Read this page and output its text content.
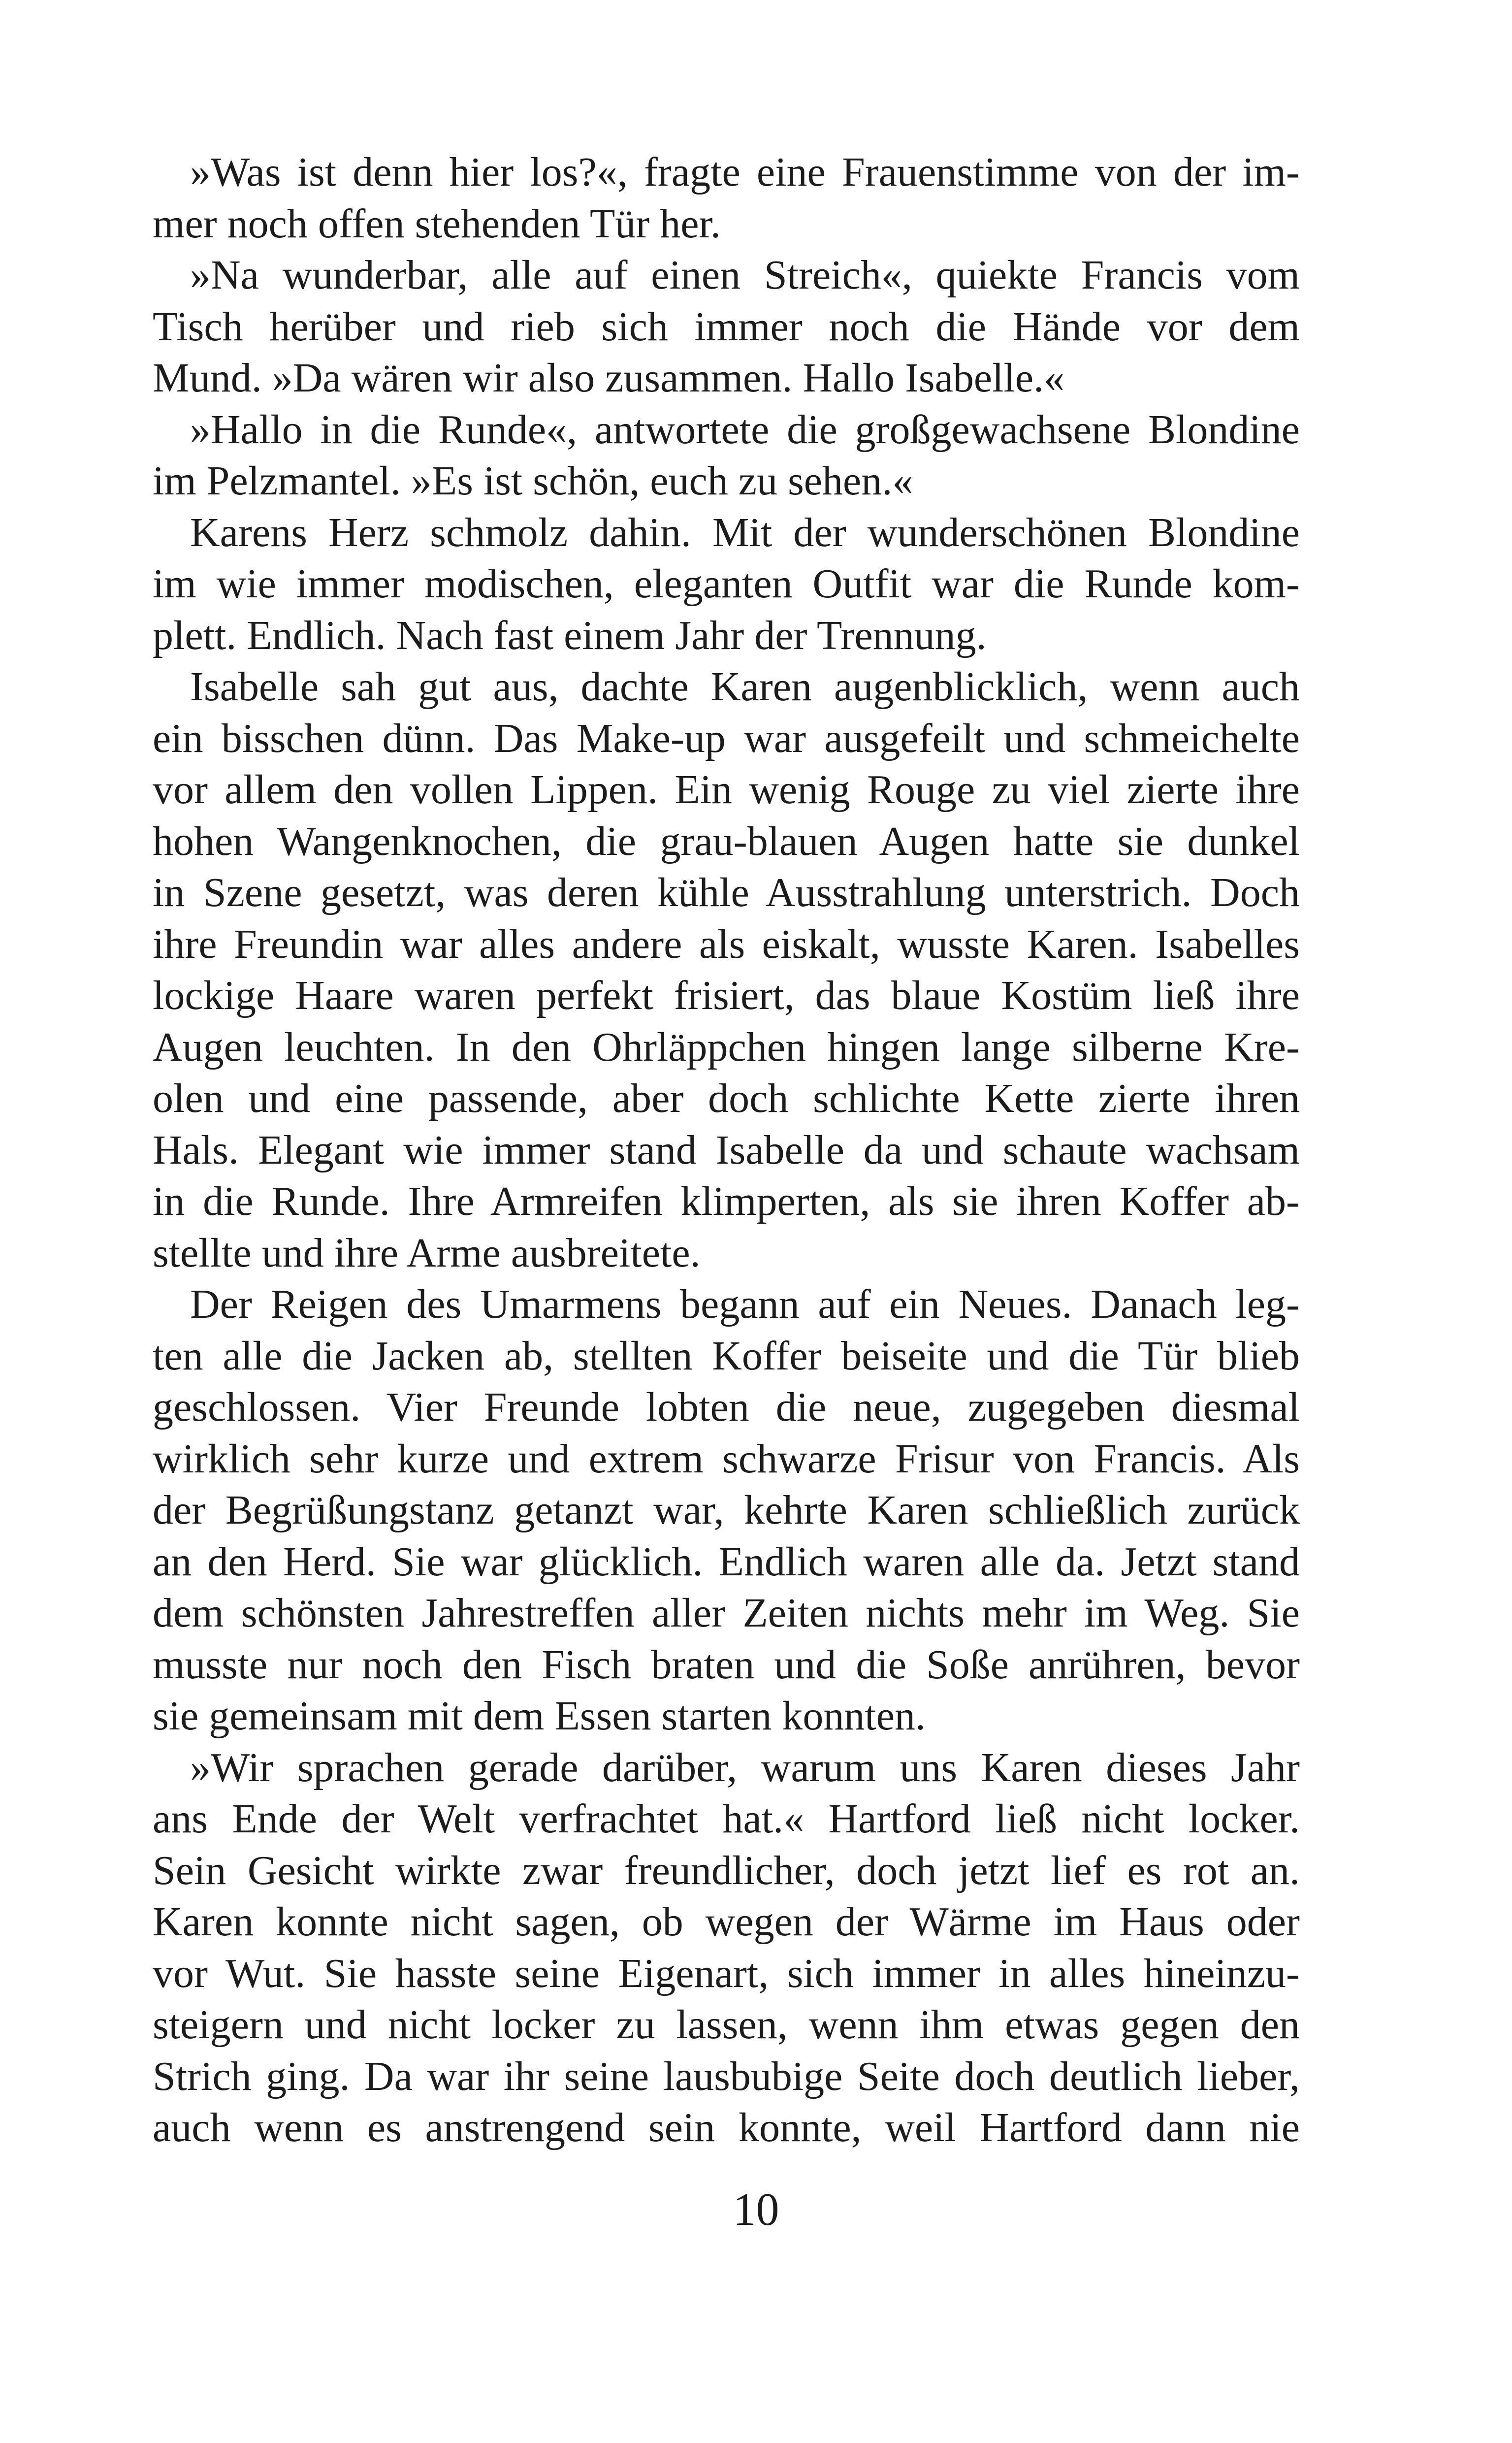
»Was ist denn hier los?«, fragte eine Frauenstimme von der im-
mer noch offen stehenden Tür her.
»Na wunderbar, alle auf einen Streich«, quiekte Francis vom
Tisch herüber und rieb sich immer noch die Hände vor dem
Mund. »Da wären wir also zusammen. Hallo Isabelle.«
»Hallo in die Runde«, antwortete die großgewachsene Blondine
im Pelzmantel. »Es ist schön, euch zu sehen.«
Karens Herz schmolz dahin. Mit der wunderschönen Blondine
im wie immer modischen, eleganten Outfit war die Runde kom-
plett. Endlich. Nach fast einem Jahr der Trennung.
Isabelle sah gut aus, dachte Karen augenblicklich, wenn auch
ein bisschen dünn. Das Make-up war ausgefeilt und schmeichelte
vor allem den vollen Lippen. Ein wenig Rouge zu viel zierte ihre
hohen Wangenknochen, die grau-blauen Augen hatte sie dunkel
in Szene gesetzt, was deren kühle Ausstrahlung unterstrich. Doch
ihre Freundin war alles andere als eiskalt, wusste Karen. Isabelles
lockige Haare waren perfekt frisiert, das blaue Kostüm ließ ihre
Augen leuchten. In den Ohrläppchen hingen lange silberne Kre-
olen und eine passende, aber doch schlichte Kette zierte ihren
Hals. Elegant wie immer stand Isabelle da und schaute wachsam
in die Runde. Ihre Armreifen klimperten, als sie ihren Koffer ab-
stellte und ihre Arme ausbreitete.
Der Reigen des Umarmens begann auf ein Neues. Danach leg-
ten alle die Jacken ab, stellten Koffer beiseite und die Tür blieb
geschlossen. Vier Freunde lobten die neue, zugegeben diesmal
wirklich sehr kurze und extrem schwarze Frisur von Francis. Als
der Begrüßungstanz getanzt war, kehrte Karen schließlich zurück
an den Herd. Sie war glücklich. Endlich waren alle da. Jetzt stand
dem schönsten Jahrestreffen aller Zeiten nichts mehr im Weg. Sie
musste nur noch den Fisch braten und die Soße anrühren, bevor
sie gemeinsam mit dem Essen starten konnten.
»Wir sprachen gerade darüber, warum uns Karen dieses Jahr
ans Ende der Welt verfrachtet hat.« Hartford ließ nicht locker.
Sein Gesicht wirkte zwar freundlicher, doch jetzt lief es rot an.
Karen konnte nicht sagen, ob wegen der Wärme im Haus oder
vor Wut. Sie hasste seine Eigenart, sich immer in alles hineinzu-
steigern und nicht locker zu lassen, wenn ihm etwas gegen den
Strich ging. Da war ihr seine lausbubige Seite doch deutlich lieber,
auch wenn es anstrengend sein konnte, weil Hartford dann nie
10
